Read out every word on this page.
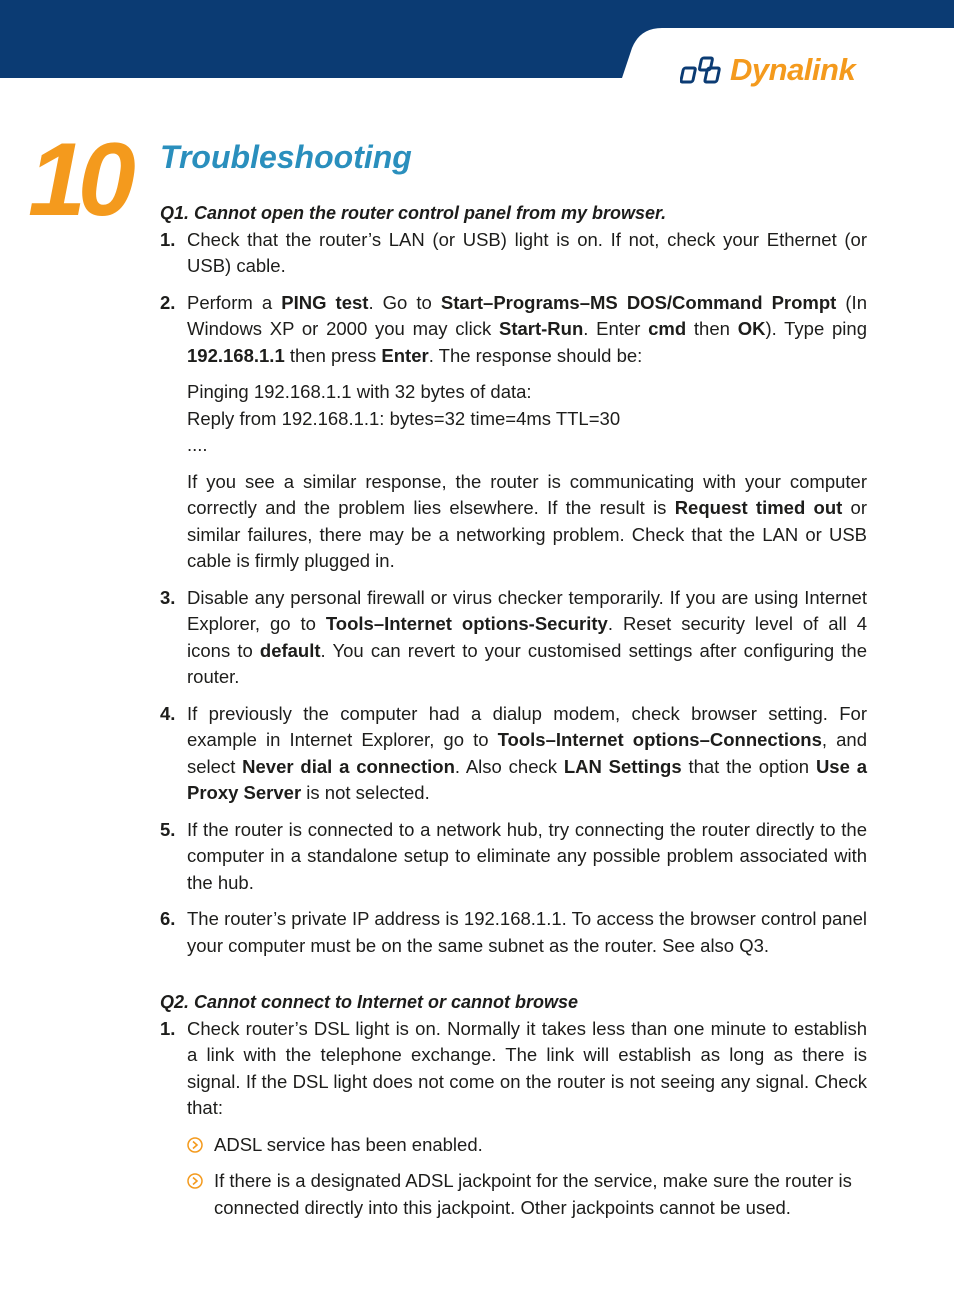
Dynalink
10 Troubleshooting

Q1. Cannot open the router control panel from my browser.

1. Check that the router’s LAN (or USB) light is on. If not, check your Ethernet (or USB) cable.

2. Perform a PING test. Go to Start–Programs–MS DOS/Command Prompt (In Windows XP or 2000 you may click Start-Run. Enter cmd then OK). Type ping 192.168.1.1 then press Enter. The response should be:

Pinging 192.168.1.1 with 32 bytes of data:
Reply from 192.168.1.1: bytes=32 time=4ms TTL=30
....

If you see a similar response, the router is communicating with your computer correctly and the problem lies elsewhere. If the result is Request timed out or similar failures, there may be a networking problem. Check that the LAN or USB cable is firmly plugged in.

3. Disable any personal firewall or virus checker temporarily. If you are using Internet Explorer, go to Tools–Internet options-Security. Reset security level of all 4 icons to default. You can revert to your customised settings after configuring the router.

4. If previously the computer had a dialup modem, check browser setting. For example in Internet Explorer, go to Tools–Internet options–Connections, and select Never dial a connection. Also check LAN Settings that the option Use a Proxy Server is not selected.

5. If the router is connected to a network hub, try connecting the router directly to the computer in a standalone setup to eliminate any possible problem associated with the hub.

6. The router’s private IP address is 192.168.1.1. To access the browser control panel your computer must be on the same subnet as the router. See also Q3.

Q2. Cannot connect to Internet or cannot browse

1. Check router’s DSL light is on. Normally it takes less than one minute to establish a link with the telephone exchange. The link will establish as long as there is signal. If the DSL light does not come on the router is not seeing any signal. Check that:

ADSL service has been enabled.
If there is a designated ADSL jackpoint for the service, make sure the router is connected directly into this jackpoint. Other jackpoints cannot be used.
